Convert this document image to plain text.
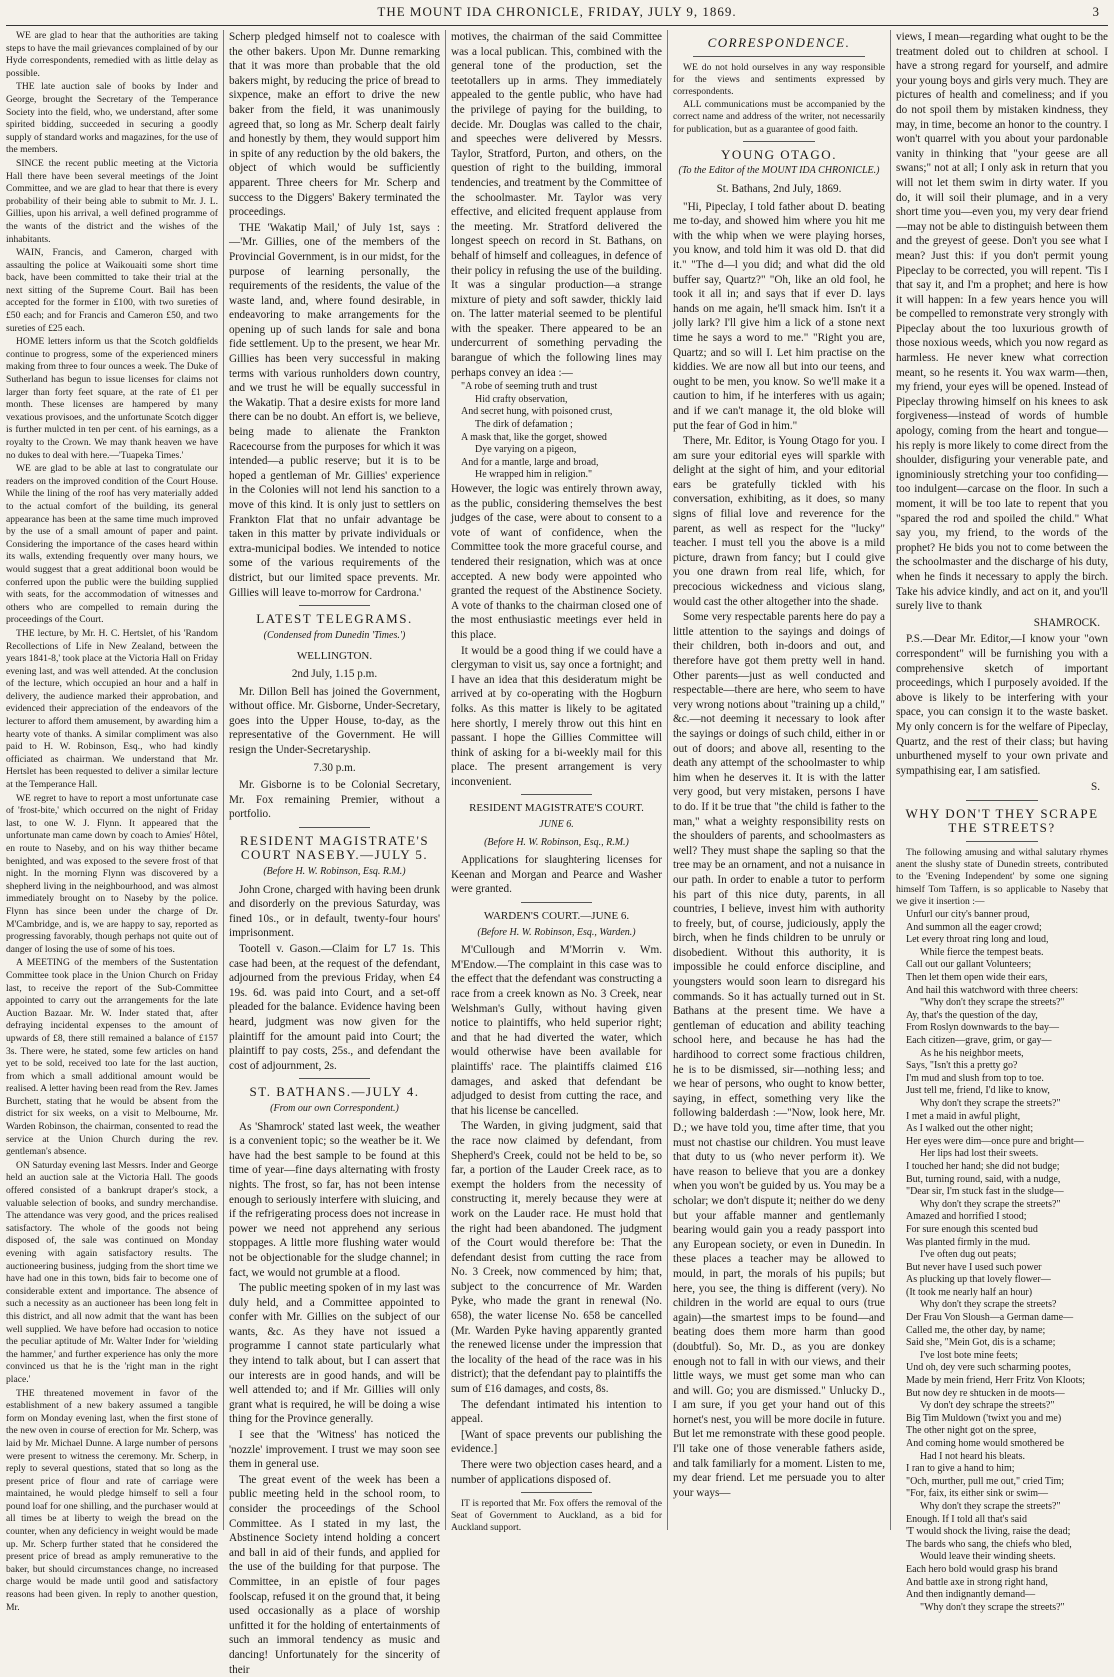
THE MOUNT IDA CHRONICLE, FRIDAY, JULY 9, 1869.	3

WE are glad to hear that the authorities are taking steps to have the mail grievances complained of by our Hyde correspondents, remedied with as little delay as possible.

THE late auction sale of books by Inder and George, brought the Secretary of the Temperance Society into the field, who, we understand, after some spirited bidding, succeeded in securing a goodly supply of standard works and magazines, for the use of the members.

SINCE the recent public meeting at the Victoria Hall there have been several meetings of the Joint Committee, and we are glad to hear that there is every probability of their being able to submit to Mr. J. L. Gillies, upon his arrival, a well defined programme of the wants of the district and the wishes of the inhabitants.

WAIN, Francis, and Cameron, charged with assaulting the police at Waikouaiti some short time back, have been committed to take their trial at the next sitting of the Supreme Court. Bail has been accepted for the former in £100, with two sureties of £50 each; and for Francis and Cameron £50, and two sureties of £25 each.

HOME letters inform us that the Scotch goldfields continue to progress, some of the experienced miners making from three to four ounces a week. The Duke of Sutherland has begun to issue licenses for claims not larger than forty feet square, at the rate of £1 per month. These licenses are hampered by many vexatious provisoes, and the unfortunate Scotch digger is further mulcted in ten per cent. of his earnings, as a royalty to the Crown. We may thank heaven we have no dukes to deal with here.—'Tuapeka Times.'

WE are glad to be able at last to congratulate our readers on the improved condition of the Court House. While the lining of the roof has very materially added to the actual comfort of the building, its general appearance has been at the same time much improved by the use of a small amount of paper and paint. Considering the importance of the cases heard within its walls, extending frequently over many hours, we would suggest that a great additional boon would be conferred upon the public were the building supplied with seats, for the accommodation of witnesses and others who are compelled to remain during the proceedings of the Court.

THE lecture, by Mr. H. C. Hertslet, of his 'Random Recollections of Life in New Zealand, between the years 1841-8,' took place at the Victoria Hall on Friday evening last, and was well attended. At the conclusion of the lecture, which occupied an hour and a half in delivery, the audience marked their approbation, and evidenced their appreciation of the endeavors of the lecturer to afford them amusement, by awarding him a hearty vote of thanks. A similar compliment was also paid to H. W. Robinson, Esq., who had kindly officiated as chairman. We understand that Mr. Hertslet has been requested to deliver a similar lecture at the Temperance Hall.

WE regret to have to report a most unfortunate case of 'frost-bite,' which occurred on the night of Friday last, to one W. J. Flynn. It appeared that the unfortunate man came down by coach to Amies' Hôtel, en route to Naseby, and on his way thither became benighted, and was exposed to the severe frost of that night. In the morning Flynn was discovered by a shepherd living in the neighbourhood, and was almost immediately brought on to Naseby by the police. Flynn has since been under the charge of Dr. M'Cambridge, and is, we are happy to say, reported as progressing favorably, though perhaps not quite out of danger of losing the use of some of his toes.

A MEETING of the members of the Sustentation Committee took place in the Union Church on Friday last, to receive the report of the Sub-Committee appointed to carry out the arrangements for the late Auction Bazaar. Mr. W. Inder stated that, after defraying incidental expenses to the amount of upwards of £8, there still remained a balance of £157 3s. There were, he stated, some few articles on hand yet to be sold, received too late for the last auction, from which a small additional amount would be realised. A letter having been read from the Rev. James Burchett, stating that he would be absent from the district for six weeks, on a visit to Melbourne, Mr. Warden Robinson, the chairman, consented to read the service at the Union Church during the rev. gentleman's absence.

ON Saturday evening last Messrs. Inder and George held an auction sale at the Victoria Hall. The goods offered consisted of a bankrupt draper's stock, a valuable selection of books, and sundry merchandise. The attendance was very good, and the prices realised satisfactory. The whole of the goods not being disposed of, the sale was continued on Monday evening with again satisfactory results. The auctioneering business, judging from the short time we have had one in this town, bids fair to become one of considerable extent and importance. The absence of such a necessity as an auctioneer has been long felt in this district, and all now admit that the want has been well supplied. We have before had occasion to notice the peculiar aptitude of Mr. Walter Inder for 'wielding the hammer,' and further experience has only the more convinced us that he is the 'right man in the right place.'

THE threatened movement in favor of the establishment of a new bakery assumed a tangible form on Monday evening last, when the first stone of the new oven in course of erection for Mr. Scherp, was laid by Mr. Michael Dunne. A large number of persons were present to witness the ceremony. Mr. Scherp, in reply to several questions, stated that so long as the present price of flour and rate of carriage were maintained, he would pledge himself to sell a four pound loaf for one shilling, and the purchaser would at all times be at liberty to weigh the bread on the counter, when any deficiency in weight would be made up. Mr. Scherp further stated that he considered the present price of bread as amply remunerative to the baker, but should circumstances change, no increased charge would be made until good and satisfactory reasons had been given. In reply to another question, Mr.

Scherp pledged himself not to coalesce with the other bakers. Upon Mr. Dunne remarking that it was more than probable that the old bakers might, by reducing the price of bread to sixpence, make an effort to drive the new baker from the field, it was unanimously agreed that, so long as Mr. Scherp dealt fairly and honestly by them, they would support him in spite of any reduction by the old bakers, the object of which would be sufficiently apparent. Three cheers for Mr. Scherp and success to the Diggers' Bakery terminated the proceedings.

THE 'Wakatip Mail,' of July 1st, says :—'Mr. Gillies, one of the members of the Provincial Government, is in our midst, for the purpose of learning personally, the requirements of the residents, the value of the waste land, and, where found desirable, in endeavoring to make arrangements for the opening up of such lands for sale and bona fide settlement. Up to the present, we hear Mr. Gillies has been very successful in making terms with various runholders down country, and we trust he will be equally successful in the Wakatip. That a desire exists for more land there can be no doubt. An effort is, we believe, being made to alienate the Frankton Racecourse from the purposes for which it was intended—a public reserve; but it is to be hoped a gentleman of Mr. Gillies' experience in the Colonies will not lend his sanction to a move of this kind. It is only just to settlers on Frankton Flat that no unfair advantage be taken in this matter by private individuals or extra-municipal bodies. We intended to notice some of the various requirements of the district, but our limited space prevents. Mr. Gillies will leave to-morrow for Cardrona.'

LATEST TELEGRAMS.
(Condensed from Dunedin 'Times.')
WELLINGTON.
2nd July, 1.15 p.m.

Mr. Dillon Bell has joined the Government, without office. Mr. Gisborne, Under-Secretary, goes into the Upper House, to-day, as the representative of the Government. He will resign the Under-Secretaryship.

7.30 p.m.

Mr. Gisborne is to be Colonial Secretary, Mr. Fox remaining Premier, without a portfolio.

RESIDENT MAGISTRATE'S COURT NASEBY.—JULY 5.
(Before H. W. Robinson, Esq. R.M.)

John Crone, charged with having been drunk and disorderly on the previous Saturday, was fined 10s., or in default, twenty-four hours' imprisonment.

Tootell v. Gason.—Claim for L7 1s. This case had been, at the request of the defendant, adjourned from the previous Friday, when £4 19s. 6d. was paid into Court, and a set-off pleaded for the balance. Evidence having been heard, judgment was now given for the plaintiff for the amount paid into Court; the plaintiff to pay costs, 25s., and defendant the cost of adjournment, 2s.

ST. BATHANS.—JULY 4.
(From our own Correspondent.)

As 'Shamrock' stated last week, the weather is a convenient topic; so the weather be it. We have had the best sample to be found at this time of year—fine days alternating with frosty nights. The frost, so far, has not been intense enough to seriously interfere with sluicing, and if the refrigerating process does not increase in power we need not apprehend any serious stoppages. A little more flushing water would not be objectionable for the sludge channel; in fact, we would not grumble at a flood.

The public meeting spoken of in my last was duly held, and a Committee appointed to confer with Mr. Gillies on the subject of our wants, &c. As they have not issued a programme I cannot state particularly what they intend to talk about, but I can assert that our interests are in good hands, and will be well attended to; and if Mr. Gillies will only grant what is required, he will be doing a wise thing for the Province generally.

I see that the 'Witness' has noticed the 'nozzle' improvement. I trust we may soon see them in general use.

The great event of the week has been a public meeting held in the school room, to consider the proceedings of the School Committee. As I stated in my last, the Abstinence Society intend holding a concert and ball in aid of their funds, and applied for the use of the building for that purpose. The Committee, in an epistle of four pages foolscap, refused it on the ground that, it being used occasionally as a place of worship unfitted it for the holding of entertainments of such an immoral tendency as music and dancing! Unfortunately for the sincerity of their

motives, the chairman of the said Committee was a local publican. This, combined with the general tone of the production, set the teetotallers up in arms. They immediately appealed to the gentle public, who have had the privilege of paying for the building, to decide. Mr. Douglas was called to the chair, and speeches were delivered by Messrs. Taylor, Stratford, Purton, and others, on the question of right to the building, immoral tendencies, and treatment by the Committee of the schoolmaster. Mr. Taylor was very effective, and elicited frequent applause from the meeting. Mr. Stratford delivered the longest speech on record in St. Bathans, on behalf of himself and colleagues, in defence of their policy in refusing the use of the building. It was a singular production—a strange mixture of piety and soft sawder, thickly laid on. The latter material seemed to be plentiful with the speaker. There appeared to be an undercurrent of something pervading the barangue of which the following lines may perhaps convey an idea :—

"A robe of seeming truth and trust
Hid crafty observation,
And secret hung, with poisoned crust,
The dirk of defamation ;
A mask that, like the gorget, showed
Dye varying on a pigeon,
And for a mantle, large and broad,
He wrapped him in religion."

However, the logic was entirely thrown away, as the public, considering themselves the best judges of the case, were about to consent to a vote of want of confidence, when the Committee took the more graceful course, and tendered their resignation, which was at once accepted. A new body were appointed who granted the request of the Abstinence Society. A vote of thanks to the chairman closed one of the most enthusiastic meetings ever held in this place.

It would be a good thing if we could have a clergyman to visit us, say once a fortnight; and I have an idea that this desideratum might be arrived at by co-operating with the Hogburn folks. As this matter is likely to be agitated here shortly, I merely throw out this hint en passant. I hope the Gillies Committee will think of asking for a bi-weekly mail for this place. The present arrangement is very inconvenient.

RESIDENT MAGISTRATE'S COURT.
JUNE 6.
(Before H. W. Robinson, Esq., R.M.)

Applications for slaughtering licenses for Keenan and Morgan and Pearce and Washer were granted.

WARDEN'S COURT.—JUNE 6.
(Before H. W. Robinson, Esq., Warden.)

M'Cullough and M'Morrin v. Wm. M'Endow.—The complaint in this case was to the effect that the defendant was constructing a race from a creek known as No. 3 Creek, near Welshman's Gully, without having given notice to plaintiffs, who held superior right; and that he had diverted the water, which would otherwise have been available for plaintiffs' race. The plaintiffs claimed £16 damages, and asked that defendant be adjudged to desist from cutting the race, and that his license be cancelled.

The Warden, in giving judgment, said that the race now claimed by defendant, from Shepherd's Creek, could not be held to be, so far, a portion of the Lauder Creek race, as to exempt the holders from the necessity of constructing it, merely because they were at work on the Lauder race. He must hold that the right had been abandoned. The judgment of the Court would therefore be: That the defendant desist from cutting the race from No. 3 Creek, now commenced by him; that, subject to the concurrence of Mr. Warden Pyke, who made the grant in renewal (No. 658), the water license No. 658 be cancelled (Mr. Warden Pyke having apparently granted the renewed license under the impression that the locality of the head of the race was in his district); that the defendant pay to plaintiffs the sum of £16 damages, and costs, 8s.

The defendant intimated his intention to appeal.

[Want of space prevents our publishing the evidence.]

There were two objection cases heard, and a number of applications disposed of.

IT is reported that Mr. Fox offers the removal of the Seat of Government to Auckland, as a bid for Auckland support.

CORRESPONDENCE.

WE do not hold ourselves in any way responsible for the views and sentiments expressed by correspondents.

ALL communications must be accompanied by the correct name and address of the writer, not necessarily for publication, but as a guarantee of good faith.

YOUNG OTAGO.
(To the Editor of the MOUNT IDA CHRONICLE.)
St. Bathans, 2nd July, 1869.

"Hi, Pipeclay, I told father about D. beating me to-day, and showed him where you hit me with the whip when we were playing horses, you know, and told him it was old D. that did it." "The d—l you did; and what did the old buffer say, Quartz?" "Oh, like an old fool, he took it all in; and says that if ever D. lays hands on me again, he'll smack him. Isn't it a jolly lark? I'll give him a lick of a stone next time he says a word to me." "Right you are, Quartz; and so will I. Let him practise on the kiddies. We are now all but into our teens, and ought to be men, you know. So we'll make it a caution to him, if he interferes with us again; and if we can't manage it, the old bloke will put the fear of God in him."

There, Mr. Editor, is Young Otago for you. I am sure your editorial eyes will sparkle with delight at the sight of him, and your editorial ears be gratefully tickled with his conversation, exhibiting, as it does, so many signs of filial love and reverence for the parent, as well as respect for the "lucky" teacher. I must tell you the above is a mild picture, drawn from fancy; but I could give you one drawn from real life, which, for precocious wickedness and vicious slang, would cast the other altogether into the shade.

Some very respectable parents here do pay a little attention to the sayings and doings of their children, both in-doors and out, and therefore have got them pretty well in hand. Other parents—just as well conducted and respectable—there are here, who seem to have very wrong notions about "training up a child," &c.—not deeming it necessary to look after the sayings or doings of such child, either in or out of doors; and above all, resenting to the death any attempt of the schoolmaster to whip him when he deserves it. It is with the latter very good, but very mistaken, persons I have to do. If it be true that "the child is father to the man," what a weighty responsibility rests on the shoulders of parents, and schoolmasters as well? They must shape the sapling so that the tree may be an ornament, and not a nuisance in our path. In order to enable a tutor to perform his part of this nice duty, parents, in all countries, I believe, invest him with authority to freely, but, of course, judiciously, apply the birch, when he finds children to be unruly or disobedient. Without this authority, it is impossible he could enforce discipline, and youngsters would soon learn to disregard his commands. So it has actually turned out in St. Bathans at the present time. We have a gentleman of education and ability teaching school here, and because he has had the hardihood to correct some fractious children, he is to be dismissed, sir—nothing less; and we hear of persons, who ought to know better, saying, in effect, something very like the following balderdash :—"Now, look here, Mr. D.; we have told you, time after time, that you must not chastise our children. You must leave that duty to us (who never perform it). We have reason to believe that you are a donkey when you won't be guided by us. You may be a scholar; we don't dispute it; neither do we deny but your affable manner and gentlemanly bearing would gain you a ready passport into any European society, or even in Dunedin. In these places a teacher may be allowed to mould, in part, the morals of his pupils; but here, you see, the thing is different (very). No children in the world are equal to ours (true again)—the smartest imps to be found—and beating does them more harm than good (doubtful). So, Mr. D., as you are donkey enough not to fall in with our views, and their little ways, we must get some man who can and will. Go; you are dismissed." Unlucky D., I am sure, if you get your hand out of this hornet's nest, you will be more docile in future. But let me remonstrate with these good people. I'll take one of those venerable fathers aside, and talk familiarly for a moment. Listen to me, my dear friend. Let me persuade you to alter your ways—

views, I mean—regarding what ought to be the treatment doled out to children at school. I have a strong regard for yourself, and admire your young boys and girls very much. They are pictures of health and comeliness; and if you do not spoil them by mistaken kindness, they may, in time, become an honor to the country. I won't quarrel with you about your pardonable vanity in thinking that "your geese are all swans;" not at all; I only ask in return that you will not let them swim in dirty water. If you do, it will soil their plumage, and in a very short time you—even you, my very dear friend—may not be able to distinguish between them and the greyest of geese. Don't you see what I mean? Just this: if you don't permit young Pipeclay to be corrected, you will repent. 'Tis I that say it, and I'm a prophet; and here is how it will happen: In a few years hence you will be compelled to remonstrate very strongly with Pipeclay about the too luxurious growth of those noxious weeds, which you now regard as harmless. He never knew what correction meant, so he resents it. You wax warm—then, my friend, your eyes will be opened. Instead of Pipeclay throwing himself on his knees to ask forgiveness—instead of words of humble apology, coming from the heart and tongue—his reply is more likely to come direct from the shoulder, disfiguring your venerable pate, and ignominiously stretching your too confiding—too indulgent—carcase on the floor. In such a moment, it will be too late to repent that you "spared the rod and spoiled the child." What say you, my friend, to the words of the prophet? He bids you not to come between the the schoolmaster and the discharge of his duty, when he finds it necessary to apply the birch. Take his advice kindly, and act on it, and you'll surely live to thank

SHAMROCK.

P.S.—Dear Mr. Editor,—I know your "own correspondent" will be furnishing you with a comprehensive sketch of important proceedings, which I purposely avoided. If the above is likely to be interfering with your space, you can consign it to the waste basket. My only concern is for the welfare of Pipeclay, Quartz, and the rest of their class; but having unburthened myself to your own private and sympathising ear, I am satisfied.

S.
WHY DON'T THEY SCRAPE THE STREETS?

The following amusing and withal salutary rhymes anent the slushy state of Dunedin streets, contributed to the 'Evening Independent' by some one signing himself Tom Taffern, is so applicable to Naseby that we give it insertion :—

Unfurl our city's banner proud,
And summon all the eager crowd;
Let every throat ring long and loud,
While fierce the tempest beats.
Call out our gallant Volunteers;
Then let them open wide their ears,
And hail this watchword with three cheers:
"Why don't they scrape the streets?"
Ay, that's the question of the day,
From Roslyn downwards to the bay—
Each citizen—grave, grim, or gay—
As he his neighbor meets,
Says, "Isn't this a pretty go?
I'm mud and slush from top to toe.
Just tell me, friend, I'd like to know,
Why don't they scrape the streets?"
I met a maid in awful plight,
As I walked out the other night;
Her eyes were dim—once pure and bright—
Her lips had lost their sweets.
I touched her hand; she did not budge;
But, turning round, said, with a nudge,
"Dear sir, I'm stuck fast in the sludge—
Why don't they scrape the streets?"
Amazed and horrified I stood;
For sure enough this scented bud
Was planted firmly in the mud.
I've often dug out peats;
But never have I used such power
As plucking up that lovely flower—
(It took me nearly half an hour)
Why don't they scrape the streets?
Der Frau Von Sloush—a German dame—
Called me, the other day, by name;
Said she, "Mein Got, dis is a schame;
I've lost bote mine feets;
Und oh, dey vere such scharming pootes,
Made by mein friend, Herr Fritz Von Kloots;
But now dey re shtucken in de moots—
Vy don't dey schrape the streets?"
Big Tim Muldown ('twixt you and me)
The other night got on the spree,
And coming home would smothered be
Had I not heard his bleats.
I ran to give a hand to him;
"Och, murther, pull me out," cried Tim;
"For, faix, its either sink or swim—
Why don't they scrape the streets?"
Enough. If I told all that's said
'T would shock the living, raise the dead;
The bards who sang, the chiefs who bled,
Would leave their winding sheets.
Each hero bold would grasp his brand
And battle axe in strong right hand,
And then indignantly demand—
"Why don't they scrape the streets?"
